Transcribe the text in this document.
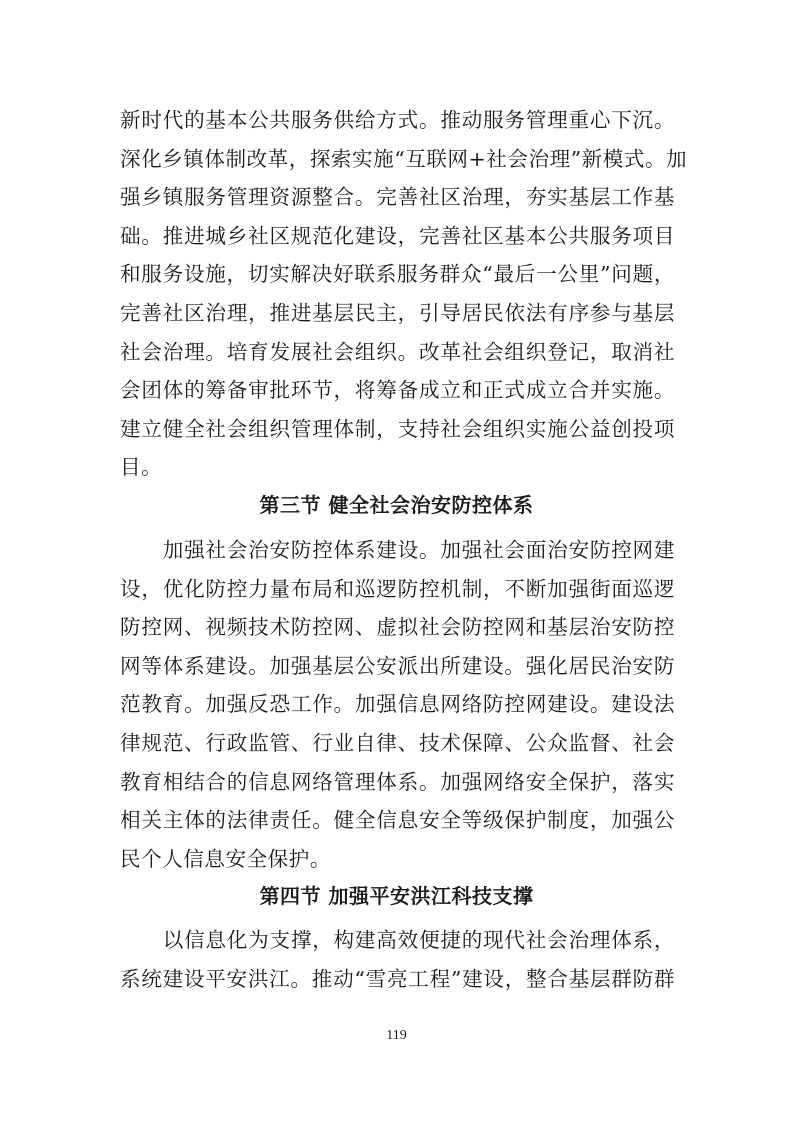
新时代的基本公共服务供给方式。推动服务管理重心下沉。
深化乡镇体制改革，探索实施“互联网+社会治理”新模式。加
强乡镇服务管理资源整合。完善社区治理，夯实基层工作基
础。推进城乡社区规范化建设，完善社区基本公共服务项目
和服务设施，切实解决好联系服务群众“最后一公里”问题，
完善社区治理，推进基层民主，引导居民依法有序参与基层
社会治理。培育发展社会组织。改革社会组织登记，取消社
会团体的筹备审批环节，将筹备成立和正式成立合并实施。
建立健全社会组织管理体制，支持社会组织实施公益创投项
目。
第三节 健全社会治安防控体系
　　加强社会治安防控体系建设。加强社会面治安防控网建
设，优化防控力量布局和巡逻防控机制，不断加强街面巡逻
防控网、视频技术防控网、虚拟社会防控网和基层治安防控
网等体系建设。加强基层公安派出所建设。强化居民治安防
范教育。加强反恐工作。加强信息网络防控网建设。建设法
律规范、行政监管、行业自律、技术保障、公众监督、社会
教育相结合的信息网络管理体系。加强网络安全保护，落实
相关主体的法律责任。健全信息安全等级保护制度，加强公
民个人信息安全保护。
第四节 加强平安洪江科技支撑
　　以信息化为支撑，构建高效便捷的现代社会治理体系，
系统建设平安洪江。推动“雪亮工程”建设，整合基层群防群
119
